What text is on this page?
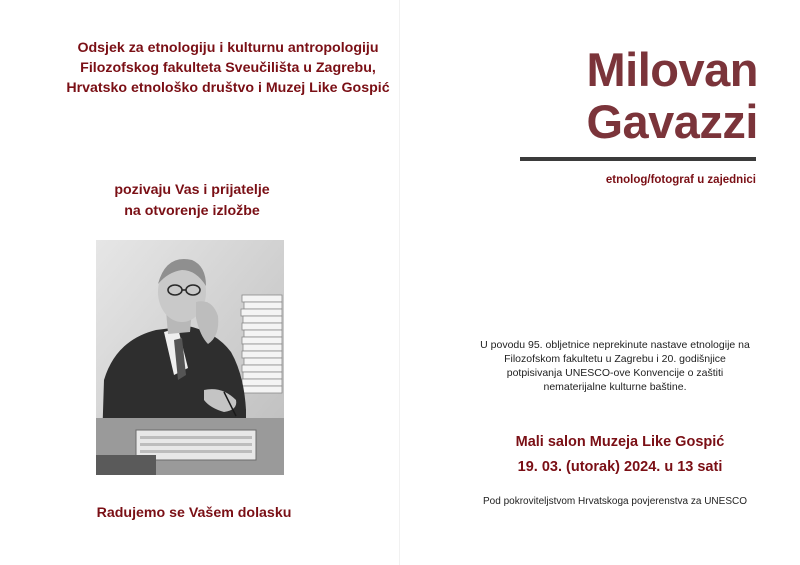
Odsjek za etnologiju i kulturnu antropologiju
Filozofskog fakulteta Sveučilišta u Zagrebu,
Hrvatsko etnološko društvo i Muzej Like Gospić
pozivaju Vas i prijatelje
na otvorenje izložbe
Radujemo se Vašem dolasku
Milovan
Gavazzi
etnolog/fotograf u zajednici
U povodu 95. obljetnice neprekinute nastave etnologije na
Filozofskom fakultetu u Zagrebu i 20. godišnjice
potpisivanja UNESCO-ove Konvencije o zaštiti
nematerijalne kulturne baštine.
Mali salon Muzeja Like Gospić
19. 03. (utorak) 2024. u 13 sati
Pod pokroviteljstvom Hrvatskoga povjerenstva za UNESCO
